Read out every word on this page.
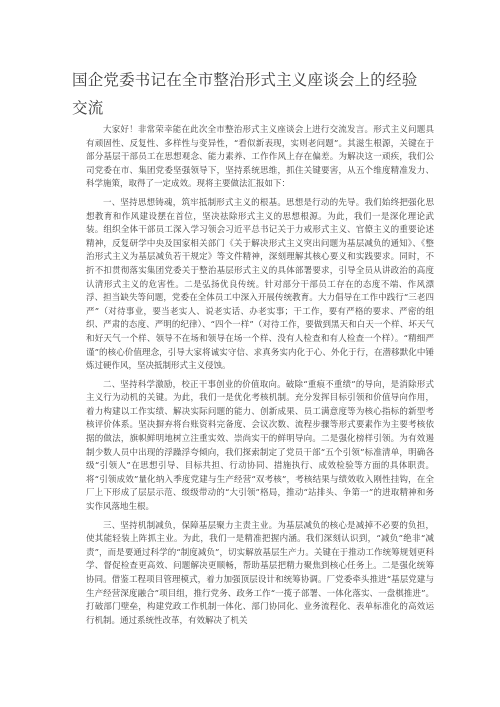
国企党委书记在全市整治形式主义座谈会上的经验交流

大家好！非常荣幸能在此次全市整治形式主义座谈会上进行交流发言。形式主义问题具有顽固性、反复性、多样性与变异性，“看似新表现，实则老问题”。其滋生根源，关键在于部分基层干部员工在思想观念、能力素养、工作作风上存在偏差。为解决这一顽疾，我们公司党委在市、集团党委坚强领导下，坚持系统思维，抓住关键要害，从五个维度精准发力、科学施策，取得了一定成效。现将主要做法汇报如下：

一、坚持思想铸魂，筑牢抵制形式主义的根基。思想是行动的先导。我们始终把强化思想教育和作风建设摆在首位，坚决祛除形式主义的思想根源。为此，我们一是深化理论武装。组织全体干部员工深入学习领会习近平总书记关于力戒形式主义、官僚主义的重要论述精神，反复研学中央及国家相关部门《关于解决形式主义突出问题为基层减负的通知》、《整治形式主义为基层减负若干规定》等文件精神，深刻理解其核心要义和实践要求。同时，不折不扣贯彻落实集团党委关于整治基层形式主义的具体部署要求，引导全员从讲政治的高度认清形式主义的危害性。二是弘扬优良传统。针对部分干部员工存在的态度不端、作风漂浮、担当缺失等问题，党委在全体员工中深入开展传统教育。大力倡导在工作中践行“三老四严”（对待事业，要当老实人、说老实话、办老实事；干工作，要有严格的要求、严密的组织、严肃的态度、严明的纪律）、“四个一样”（对待工作，要做到黑天和白天一个样、坏天气和好天气一个样、领导不在场和领导在场一个样、没有人检查和有人检查一个样）。“精细严谨”的核心价值理念，引导大家将诚实守信、求真务实内化于心、外化于行，在潜移默化中锤炼过硬作风，坚决抵制形式主义侵蚀。

二、坚持科学激励，校正干事创业的价值取向。破除“重痕不重绩”的导向，是消除形式主义行为动机的关键。为此，我们一是优化考核机制。充分发挥目标引领和价值导向作用，着力构建以工作实绩、解决实际问题的能力、创新成果、员工满意度等为核心指标的新型考核评价体系。坚决摒弃将台账资料完备度、会议次数、流程步骤等形式要素作为主要考核依据的做法，旗帜鲜明地树立注重实效、崇尚实干的鲜明导向。二是强化榜样引领。为有效遏制少数人员中出现的浮躁浮夸倾向，我们探索制定了党员干部“五个引领”标准清单，明确各级“引领人”在思想引导、目标共担、行动协同、措施执行、成效检验等方面的具体职责。将“引领成效”量化纳入季度党建与生产经营“双考核”，考核结果与绩效收入刚性挂钩，在全厂上下形成了层层示范、级级带动的“大引领”格局，推动“站排头、争第一”的进取精神和务实作风落地生根。

三、坚持机制减负，保障基层聚力主责主业。为基层减负的核心是减掉不必要的负担，使其能轻装上阵抓主业。为此，我们一是精准把握内涵。我们深刻认识到，“减负”绝非“减责”，而是要通过科学的“制度减负”，切实解放基层生产力。关键在于推动工作统筹规划更科学、督促检查更高效、问题解决更顺畅，帮助基层把精力聚焦到核心任务上。二是强化统筹协同。借鉴工程项目管理模式，着力加强顶层设计和统筹协调。厂党委牵头推进“基层党建与生产经营深度融合”项目组，推行党务、政务工作“一揽子部署、一体化落实、一盘棋推进”。打破部门壁垒，构建党政工作机制一体化、部门协同化、业务流程化、表单标准化的高效运行机制。通过系统性改革，有效解决了机关
